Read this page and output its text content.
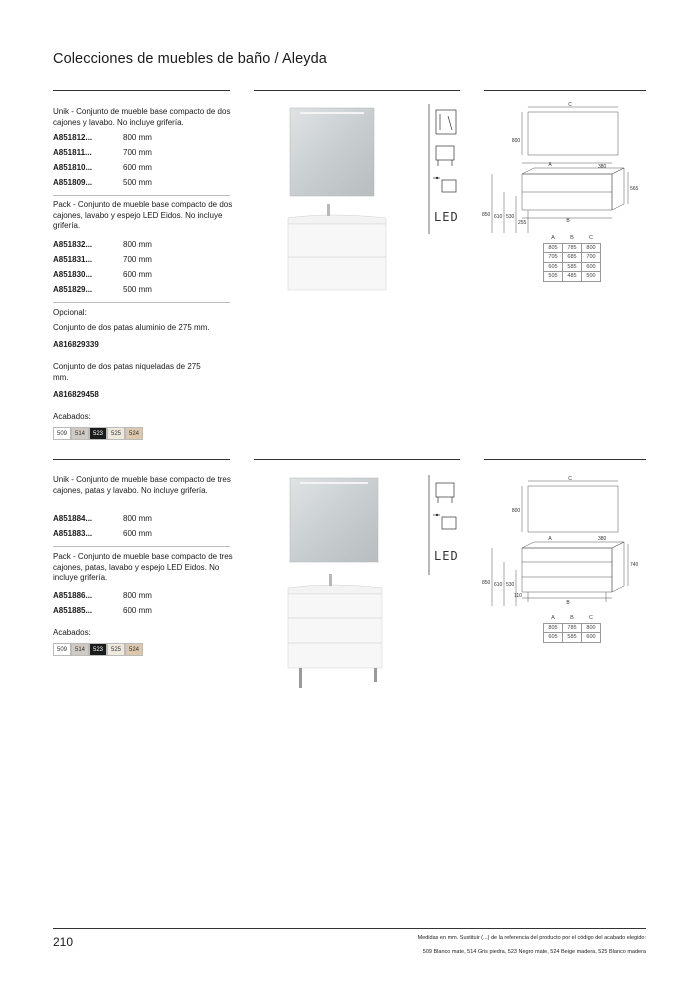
Colecciones de muebles de baño / Aleyda
Unik - Conjunto de mueble base compacto de dos cajones y lavabo. No incluye grifería.
A851812...	800 mm
A851811...	700 mm
A851810...	600 mm
A851809...	500 mm
Pack - Conjunto de mueble base compacto de dos cajones, lavabo y espejo LED Eidos. No incluye grifería.
A851832...	800 mm
A851831...	700 mm
A851830...	600 mm
A851829...	500 mm
Opcional:
Conjunto de dos patas aluminio de 275 mm.
A816829339
Conjunto de dos patas niqueladas de 275 mm.
A816829458
Acabados:
509	514	523	525	524
LED
C
800
A	380
565
850 610 530
255	B
A	B	C
805	785	800
705	685	700
605	585	600
505	485	500
Unik - Conjunto de mueble base compacto de tres cajones, patas y lavabo. No incluye grifería.
A851884...	800 mm
A851883...	600 mm
Pack - Conjunto de mueble base compacto de tres cajones, patas, lavabo y espejo LED Eidos. No incluye grifería.
A851886...	800 mm
A851885...	600 mm
Acabados:
509	514	523	525	524
LED
C
800
A	380
740
850 610 530
110
B
A	B	C
805	785	800
605	585	600
210	Medidas en mm. Sustituir (...) de la referencia del producto por el código del acabado elegido:
509 Blanco mate, 514 Gris piedra, 523 Negro mate, 524 Beige madera, 525 Blanco madera
